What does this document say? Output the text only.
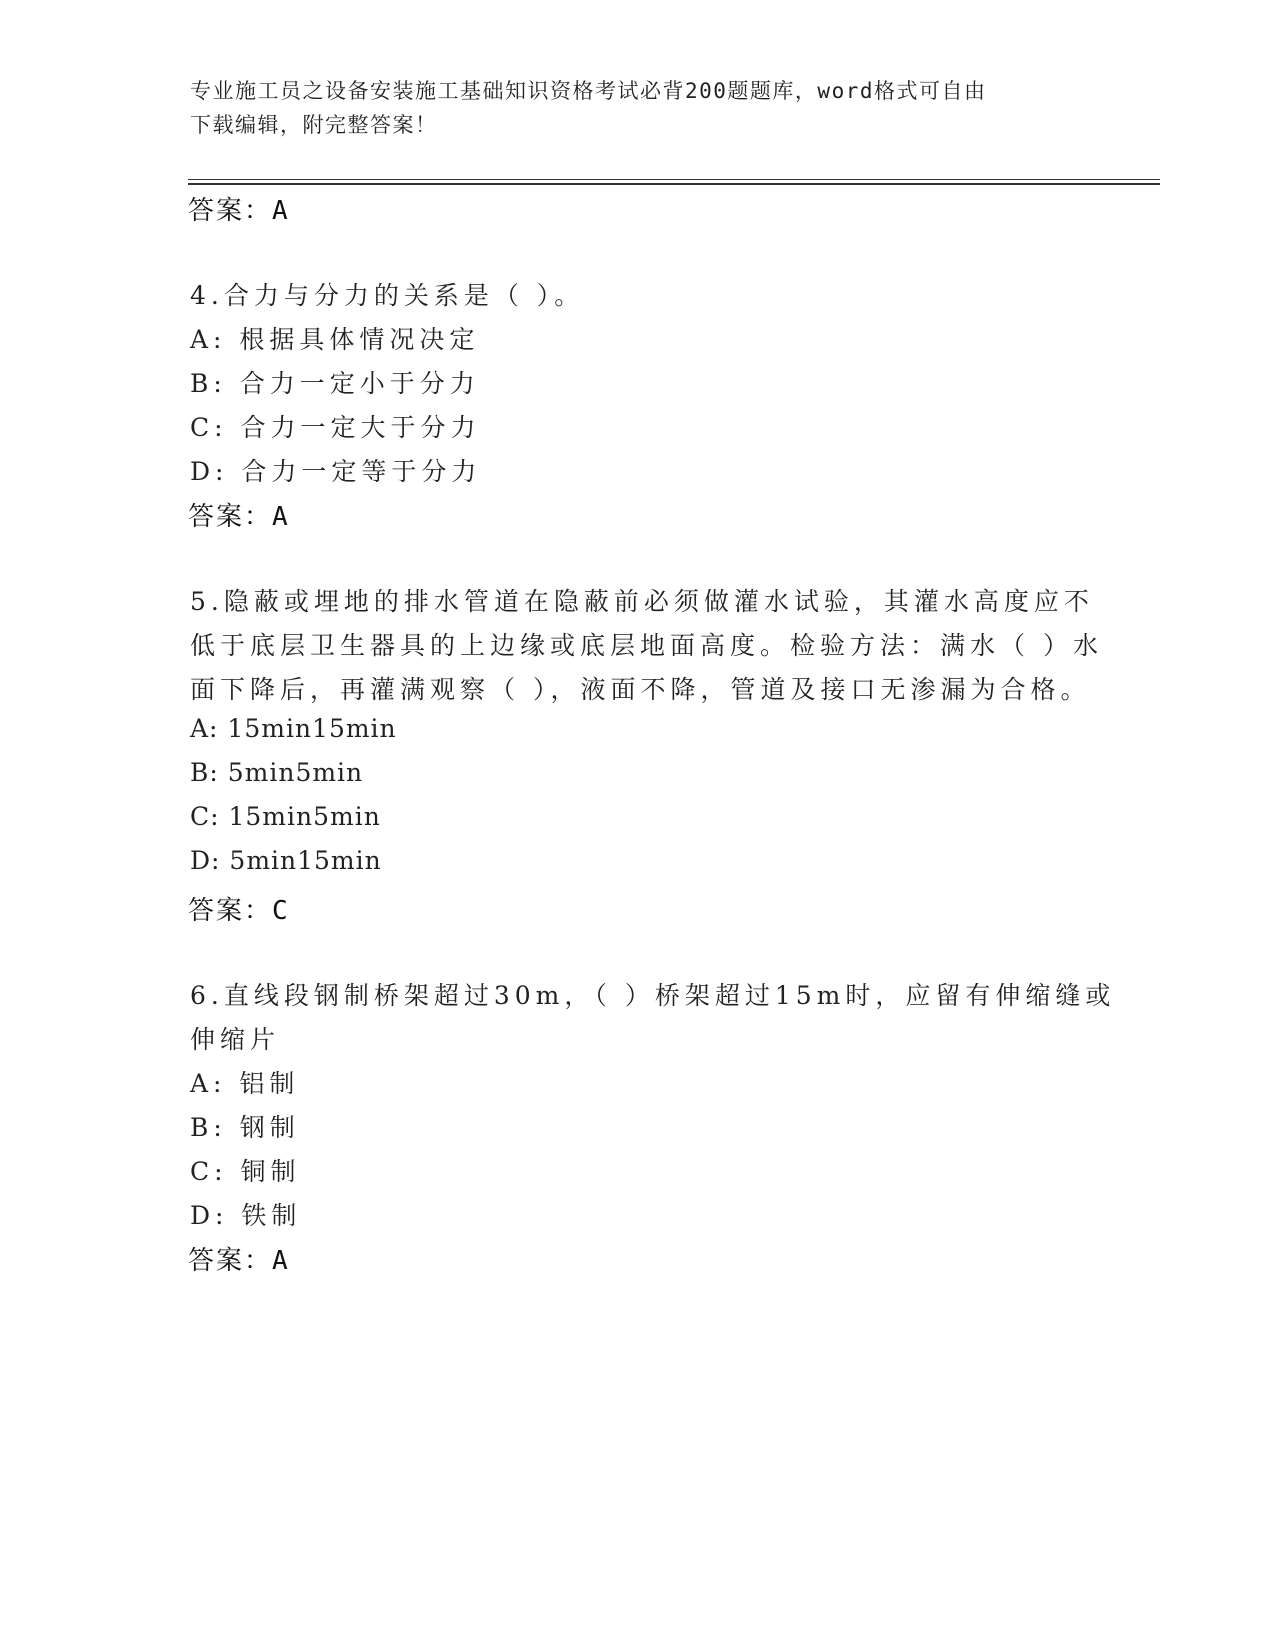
专业施工员之设备安装施工基础知识资格考试必背200题题库，word格式可自由
下载编辑，附完整答案！
答案：A
4.合力与分力的关系是（ ）。
A: 根据具体情况决定
B: 合力一定小于分力
C: 合力一定大于分力
D: 合力一定等于分力
答案：A
5.隐蔽或埋地的排水管道在隐蔽前必须做灌水试验，其灌水高度应不
低于底层卫生器具的上边缘或底层地面高度。检验方法：满水（ ）水
面下降后，再灌满观察（ ），液面不降，管道及接口无渗漏为合格。
A: 15min15min
B: 5min5min
C: 15min5min
D: 5min15min
答案：C
6.直线段钢制桥架超过30m，（ ）桥架超过15m时，应留有伸缩缝或
伸缩片
A: 铝制
B: 钢制
C: 铜制
D: 铁制
答案：A
